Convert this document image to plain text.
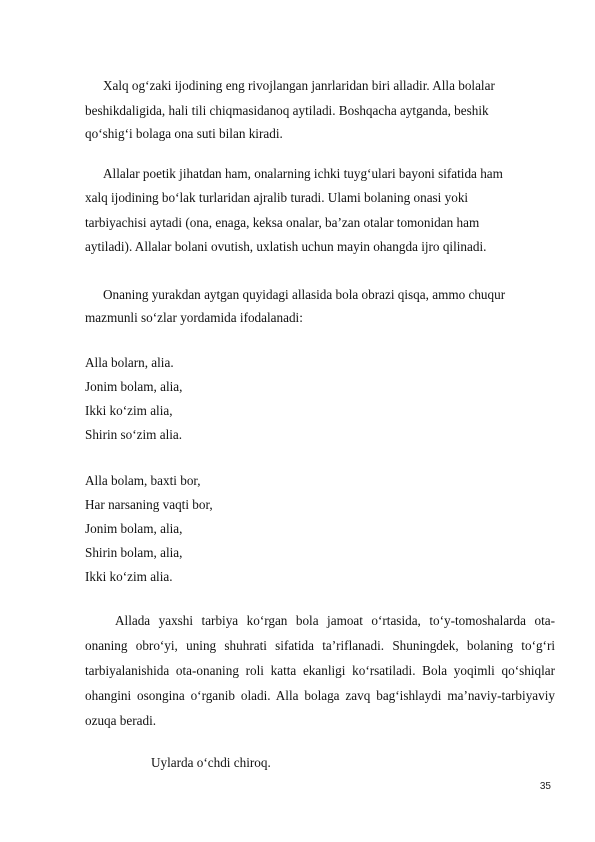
Xalq og‘zaki ijodining eng rivojlangan janrlaridan biri alladir. Alla bolalar
beshikdaligida, hali tili chiqmasidanoq aytiladi. Boshqacha aytganda, beshik
qo‘shig‘i bolaga ona suti bilan kiradi.
Allalar poetik jihatdan ham, onalarning ichki tuyg‘ulari bayoni sifatida ham
xalq ijodining bo‘lak turlaridan ajralib turadi. Ulami bolaning onasi yoki
tarbiyachisi aytadi (ona, enaga, keksa onalar, ba’zan otalar tomonidan ham
aytiladi). Allalar bolani ovutish, uxlatish uchun mayin ohangda ijro qilinadi.
Onaning yurakdan aytgan quyidagi allasida bola obrazi qisqa, ammo chuqur
mazmunli so‘zlar yordamida ifodalanadi:
Alla bolarn, alia.
Jonim bolam, alia,
Ikki ko‘zim alia,
Shirin so‘zim alia.
Alla bolam, baxti bor,
Har narsaning vaqti bor,
Jonim bolam, alia,
Shirin bolam, alia,
Ikki ko‘zim alia.
Allada yaxshi tarbiya ko‘rgan bola jamoat o‘rtasida, to‘y-tomoshalarda ota-onaning obro‘yi, uning shuhrati sifatida ta’riflanadi. Shuningdek, bolaning to‘g‘ri tarbiyalanishida ota-onaning roli katta ekanligi ko‘rsatiladi. Bola yoqimli qo‘shiqlar ohangini osongina o‘rganib oladi. Alla bolaga zavq bag‘ishlaydi ma’naviy-tarbiyaviy ozuqa beradi.
Uylarda o‘chdi chiroq.
35
